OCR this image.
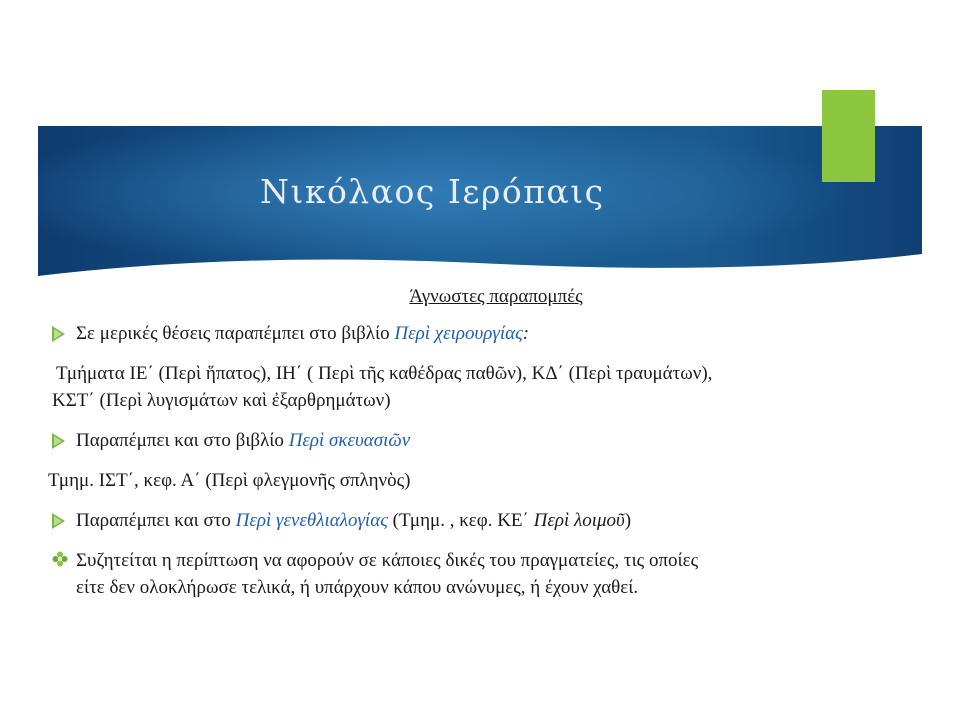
Νικόλαος Ιερόπαις
Άγνωστες παραπομπές
Σε μερικές θέσεις παραπέμπει στο βιβλίο Περὶ χειρουργίας:
Τμήματα ΙΕ΄ (Περὶ ἥπατος), ΙΗ΄ ( Περὶ τῆς καθέδρας παθῶν), ΚΔ΄ (Περὶ τραυμάτων),
ΚΣΤ΄ (Περὶ λυγισμάτων καὶ ἐξαρθρημάτων)
Παραπέμπει και στο βιβλίο Περὶ σκευασιῶν
Τμημ. ΙΣΤ΄, κεφ. Α΄ (Περὶ φλεγμονῆς σπληνὸς)
Παραπέμπει και στο Περὶ γενεθλιαλογίας (Τμημ. , κεφ. ΚΕ΄ Περὶ λοιμοῦ)
Συζητείται η περίπτωση να αφορούν σε κάποιες δικές του πραγματείες, τις οποίες
είτε δεν ολοκλήρωσε τελικά, ή υπάρχουν κάπου ανώνυμες, ή έχουν χαθεί.
